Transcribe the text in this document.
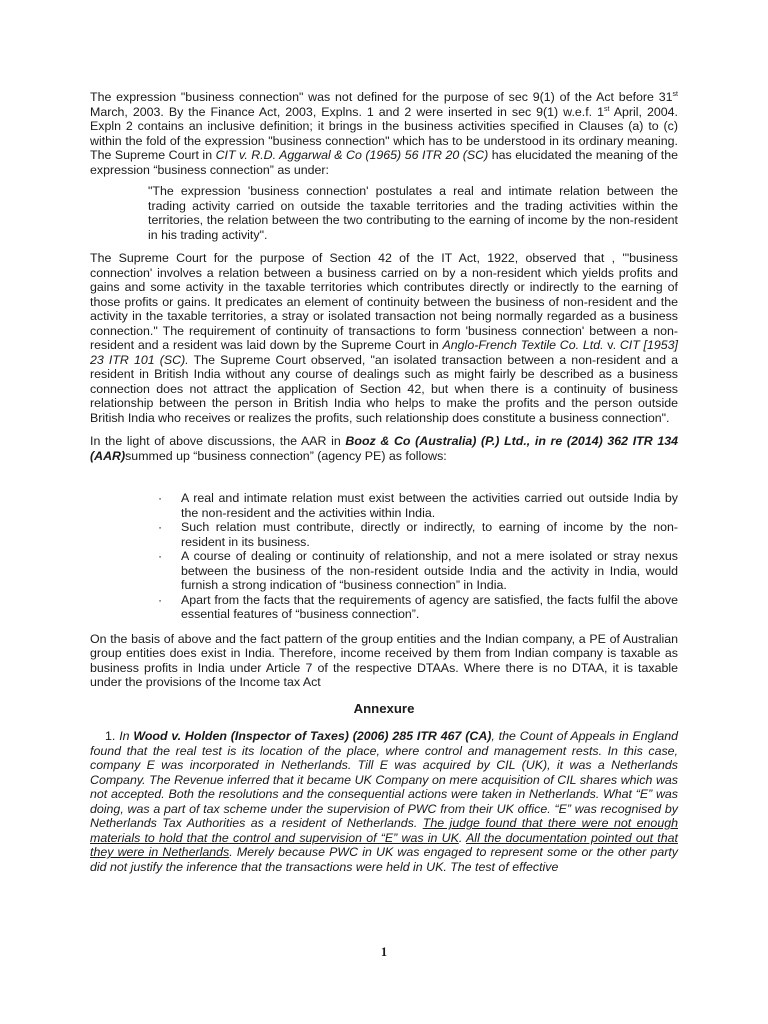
The expression "business connection" was not defined for the purpose of sec 9(1) of the Act before 31st March, 2003. By the Finance Act, 2003, Explns. 1 and 2 were inserted in sec 9(1) w.e.f. 1st April, 2004. Expln 2 contains an inclusive definition; it brings in the business activities specified in Clauses (a) to (c) within the fold of the expression "business connection" which has to be understood in its ordinary meaning. The Supreme Court in CIT v. R.D. Aggarwal & Co (1965) 56 ITR 20 (SC) has elucidated the meaning of the expression “business connection” as under:

"The expression 'business connection' postulates a real and intimate relation between the trading activity carried on outside the taxable territories and the trading activities within the territories, the relation between the two contributing to the earning of income by the non-resident in his trading activity".

The Supreme Court for the purpose of Section 42 of the IT Act, 1922, observed that , '"business connection' involves a relation between a business carried on by a non-resident which yields profits and gains and some activity in the taxable territories which contributes directly or indirectly to the earning of those profits or gains. It predicates an element of continuity between the business of non-resident and the activity in the taxable territories, a stray or isolated transaction not being normally regarded as a business connection." The requirement of continuity of transactions to form 'business connection' between a non-resident and a resident was laid down by the Supreme Court in Anglo-French Textile Co. Ltd. v. CIT [1953] 23 ITR 101 (SC). The Supreme Court observed, "an isolated transaction between a non-resident and a resident in British India without any course of dealings such as might fairly be described as a business connection does not attract the application of Section 42, but when there is a continuity of business relationship between the person in British India who helps to make the profits and the person outside British India who receives or realizes the profits, such relationship does constitute a business connection".

In the light of above discussions, the AAR in Booz & Co (Australia) (P.) Ltd., in re (2014) 362 ITR 134 (AAR)summed up “business connection” (agency PE) as follows:

· A real and intimate relation must exist between the activities carried out outside India by the non-resident and the activities within India.
· Such relation must contribute, directly or indirectly, to earning of income by the non-resident in its business.
· A course of dealing or continuity of relationship, and not a mere isolated or stray nexus between the business of the non-resident outside India and the activity in India, would furnish a strong indication of “business connection” in India.
· Apart from the facts that the requirements of agency are satisfied, the facts fulfil the above essential features of “business connection”.

On the basis of above and the fact pattern of the group entities and the Indian company, a PE of Australian group entities does exist in India. Therefore, income received by them from Indian company is taxable as business profits in India under Article 7 of the respective DTAAs. Where there is no DTAA, it is taxable under the provisions of the Income tax Act

Annexure

1. In Wood v. Holden (Inspector of Taxes) (2006) 285 ITR 467 (CA), the Count of Appeals in England found that the real test is its location of the place, where control and management rests. In this case, company E was incorporated in Netherlands. Till E was acquired by CIL (UK), it was a Netherlands Company. The Revenue inferred that it became UK Company on mere acquisition of CIL shares which was not accepted. Both the resolutions and the consequential actions were taken in Netherlands. What “E” was doing, was a part of tax scheme under the supervision of PWC from their UK office. “E” was recognised by Netherlands Tax Authorities as a resident of Netherlands. The judge found that there were not enough materials to hold that the control and supervision of “E” was in UK. All the documentation pointed out that they were in Netherlands. Merely because PWC in UK was engaged to represent some or the other party did not justify the inference that the transactions were held in UK. The test of effective

1
